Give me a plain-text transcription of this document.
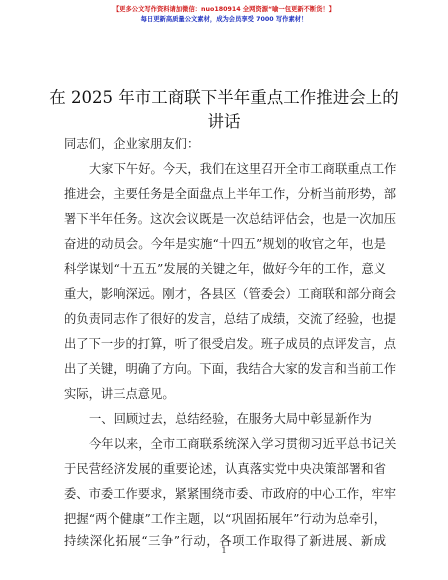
【更多公文写作资料请加微信：nuo180914 全网资源“喻一包更新不断货！】
每日更新高质量公文素材，成为会员享受 7000 写作素材！
在 2025 年市工商联下半年重点工作推进会上的
讲话
同志们，企业家朋友们：
大家下午好。今天，我们在这里召开全市工商联重点工作
推进会，主要任务是全面盘点上半年工作，分析当前形势，部
署下半年任务。这次会议既是一次总结评估会，也是一次加压
奋进的动员会。今年是实施“十四五”规划的收官之年，也是
科学谋划“十五五”发展的关键之年，做好今年的工作，意义
重大，影响深远。刚才，各县区（管委会）工商联和部分商会
的负责同志作了很好的发言，总结了成绩，交流了经验，也提
出了下一步的打算，听了很受启发。班子成员的点评发言，点
出了关键，明确了方向。下面，我结合大家的发言和当前工作
实际，讲三点意见。
一、回顾过去，总结经验，在服务大局中彰显新作为
今年以来，全市工商联系统深入学习贯彻习近平总书记关
于民营经济发展的重要论述，认真落实党中央决策部署和省
委、市委工作要求，紧紧围绕市委、市政府的中心工作，牢牢
把握“两个健康”工作主题，以“巩固拓展年”行动为总牵引，
持续深化拓展“三争”行动，各项工作取得了新进展、新成
1
